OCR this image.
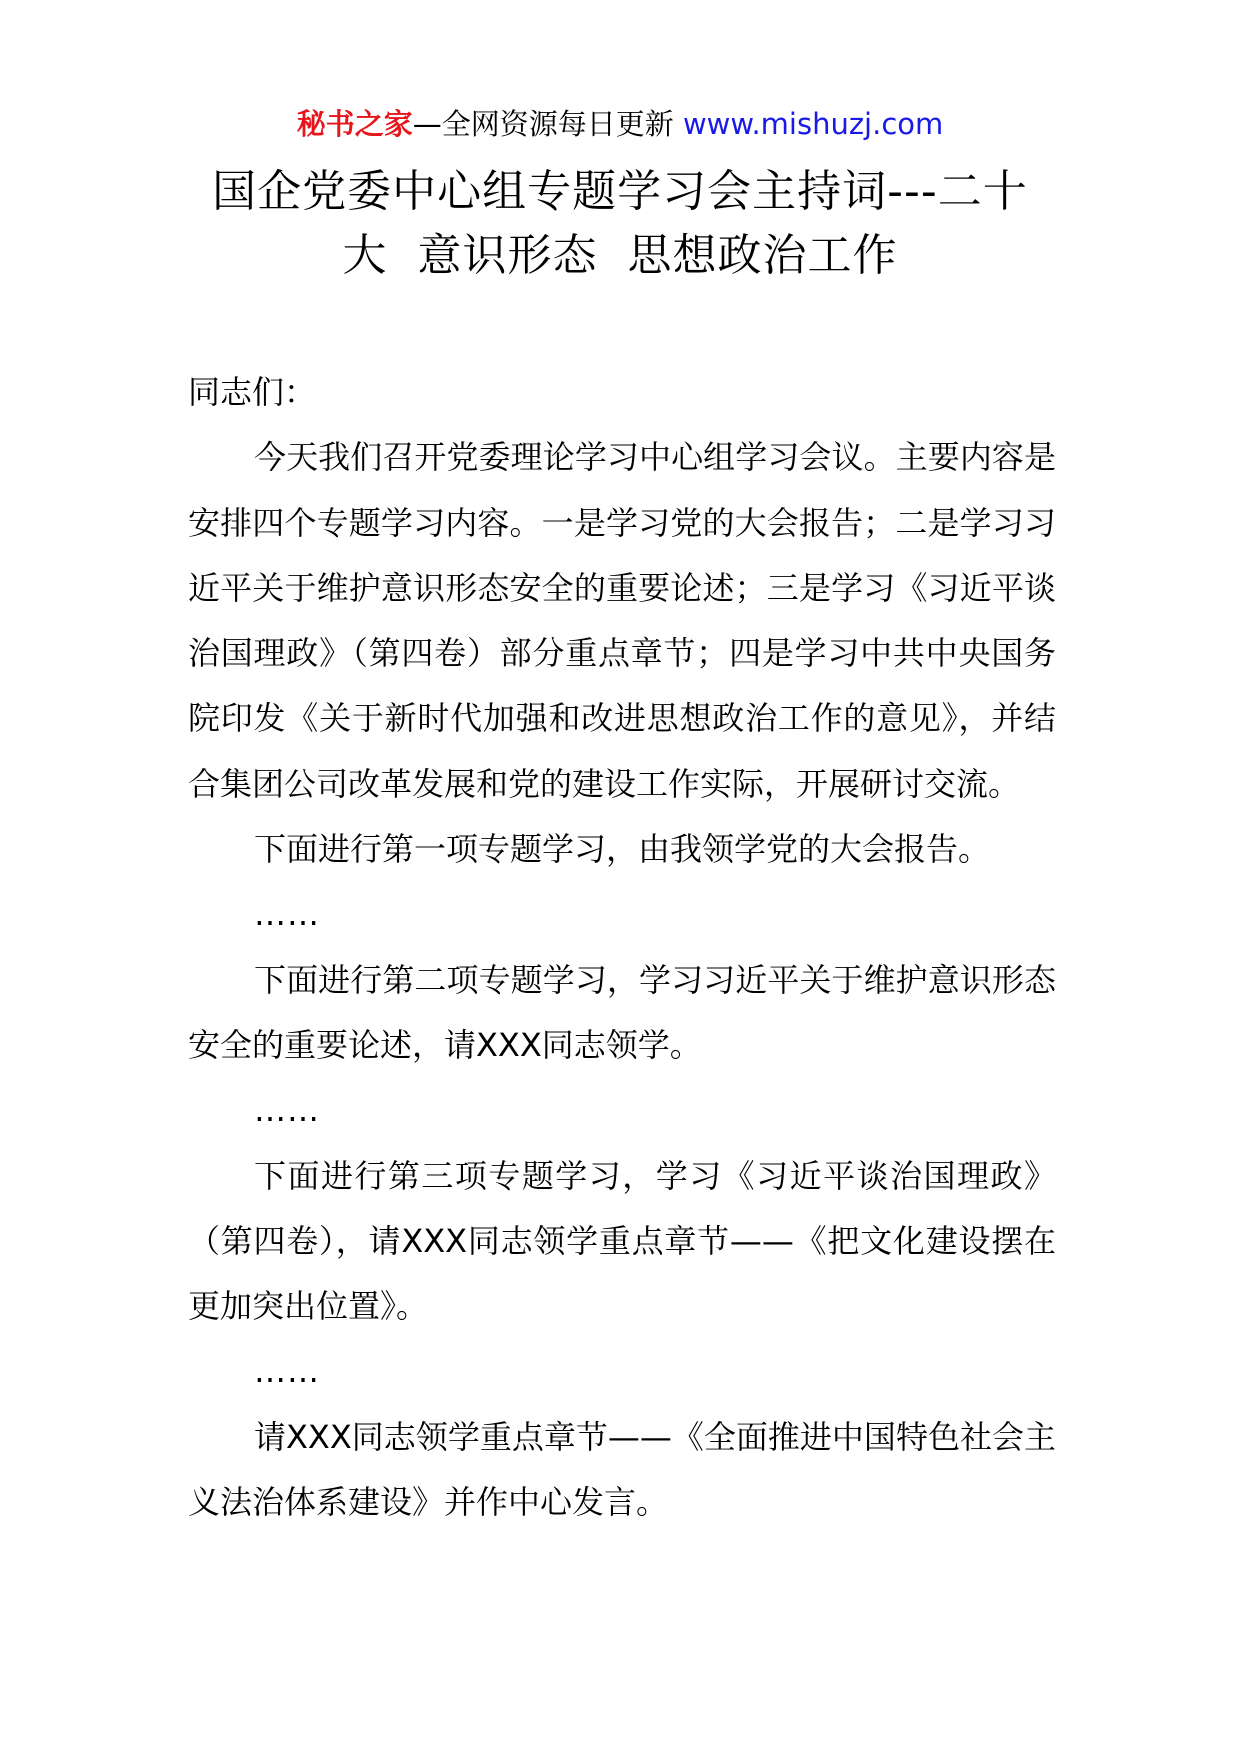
秘书之家—全网资源每日更新 www.mishuzj.com
国企党委中心组专题学习会主持词---二十
大  意识形态  思想政治工作

同志们：

今天我们召开党委理论学习中心组学习会议。主要内容是安排四个专题学习内容。一是学习党的大会报告；二是学习习近平关于维护意识形态安全的重要论述；三是学习《习近平谈治国理政》（第四卷）部分重点章节；四是学习中共中央国务院印发《关于新时代加强和改进思想政治工作的意见》，并结合集团公司改革发展和党的建设工作实际，开展研讨交流。

下面进行第一项专题学习，由我领学党的大会报告。

……

下面进行第二项专题学习，学习习近平关于维护意识形态安全的重要论述，请XXX同志领学。

……

下面进行第三项专题学习，学习《习近平谈治国理政》（第四卷），请XXX同志领学重点章节——《把文化建设摆在更加突出位置》。

……

请XXX同志领学重点章节——《全面推进中国特色社会主义法治体系建设》并作中心发言。
